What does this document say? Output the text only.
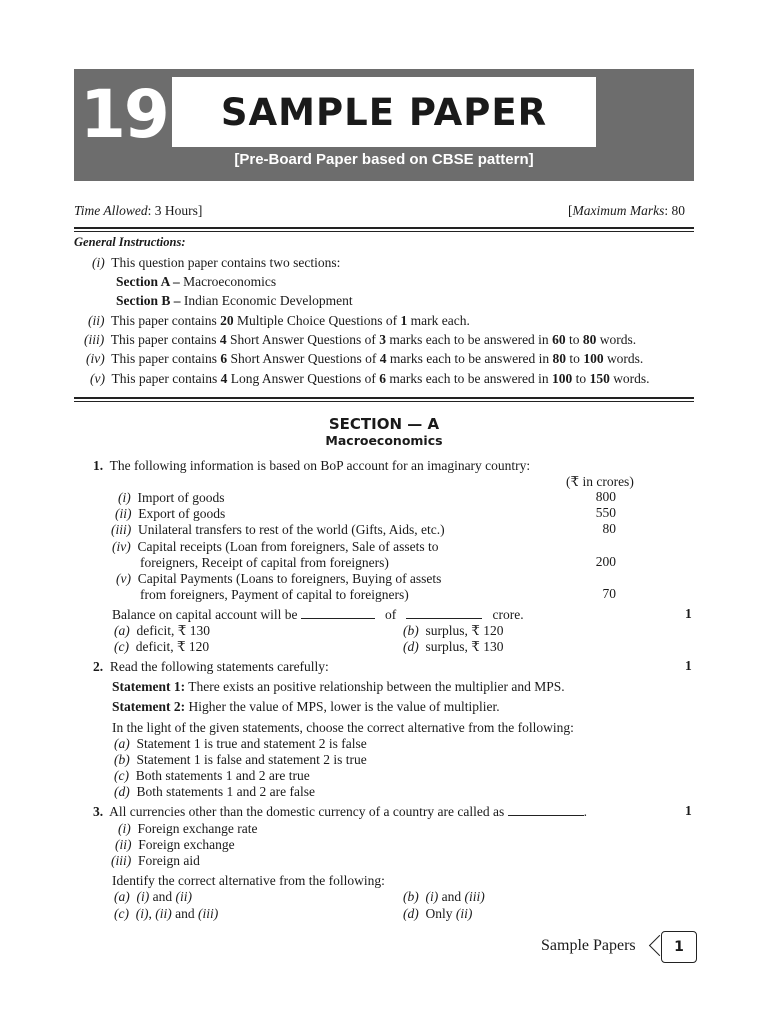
19 SAMPLE PAPER
[Pre-Board Paper based on CBSE pattern]
Time Allowed: 3 Hours]	[Maximum Marks: 80
General Instructions:
(i) This question paper contains two sections:
Section A – Macroeconomics
Section B – Indian Economic Development
(ii) This paper contains 20 Multiple Choice Questions of 1 mark each.
(iii) This paper contains 4 Short Answer Questions of 3 marks each to be answered in 60 to 80 words.
(iv) This paper contains 6 Short Answer Questions of 4 marks each to be answered in 80 to 100 words.
(v) This paper contains 4 Long Answer Questions of 6 marks each to be answered in 100 to 150 words.
SECTION — A
Macroeconomics
1. The following information is based on BoP account for an imaginary country:
(₹ in crores)
(i) Import of goods	800
(ii) Export of goods	550
(iii) Unilateral transfers to rest of the world (Gifts, Aids, etc.)	80
(iv) Capital receipts (Loan from foreigners, Sale of assets to
foreigners, Receipt of capital from foreigners)	200
(v) Capital Payments (Loans to foreigners, Buying of assets
from foreigners, Payment of capital to foreigners)	70
Balance on capital account will be	of	crore.	1
(a) deficit, ₹ 130	(b) surplus, ₹ 120
(c) deficit, ₹ 120	(d) surplus, ₹ 130
2. Read the following statements carefully:	1
Statement 1: There exists an positive relationship between the multiplier and MPS.
Statement 2: Higher the value of MPS, lower is the value of multiplier.
In the light of the given statements, choose the correct alternative from the following:
(a) Statement 1 is true and statement 2 is false
(b) Statement 1 is false and statement 2 is true
(c) Both statements 1 and 2 are true
(d) Both statements 1 and 2 are false
3. All currencies other than the domestic currency of a country are called as	.	1
(i) Foreign exchange rate
(ii) Foreign exchange
(iii) Foreign aid
Identify the correct alternative from the following:
(a) (i) and (ii)	(b) (i) and (iii)
(c) (i), (ii) and (iii)	(d) Only (ii)
Sample Papers	1
